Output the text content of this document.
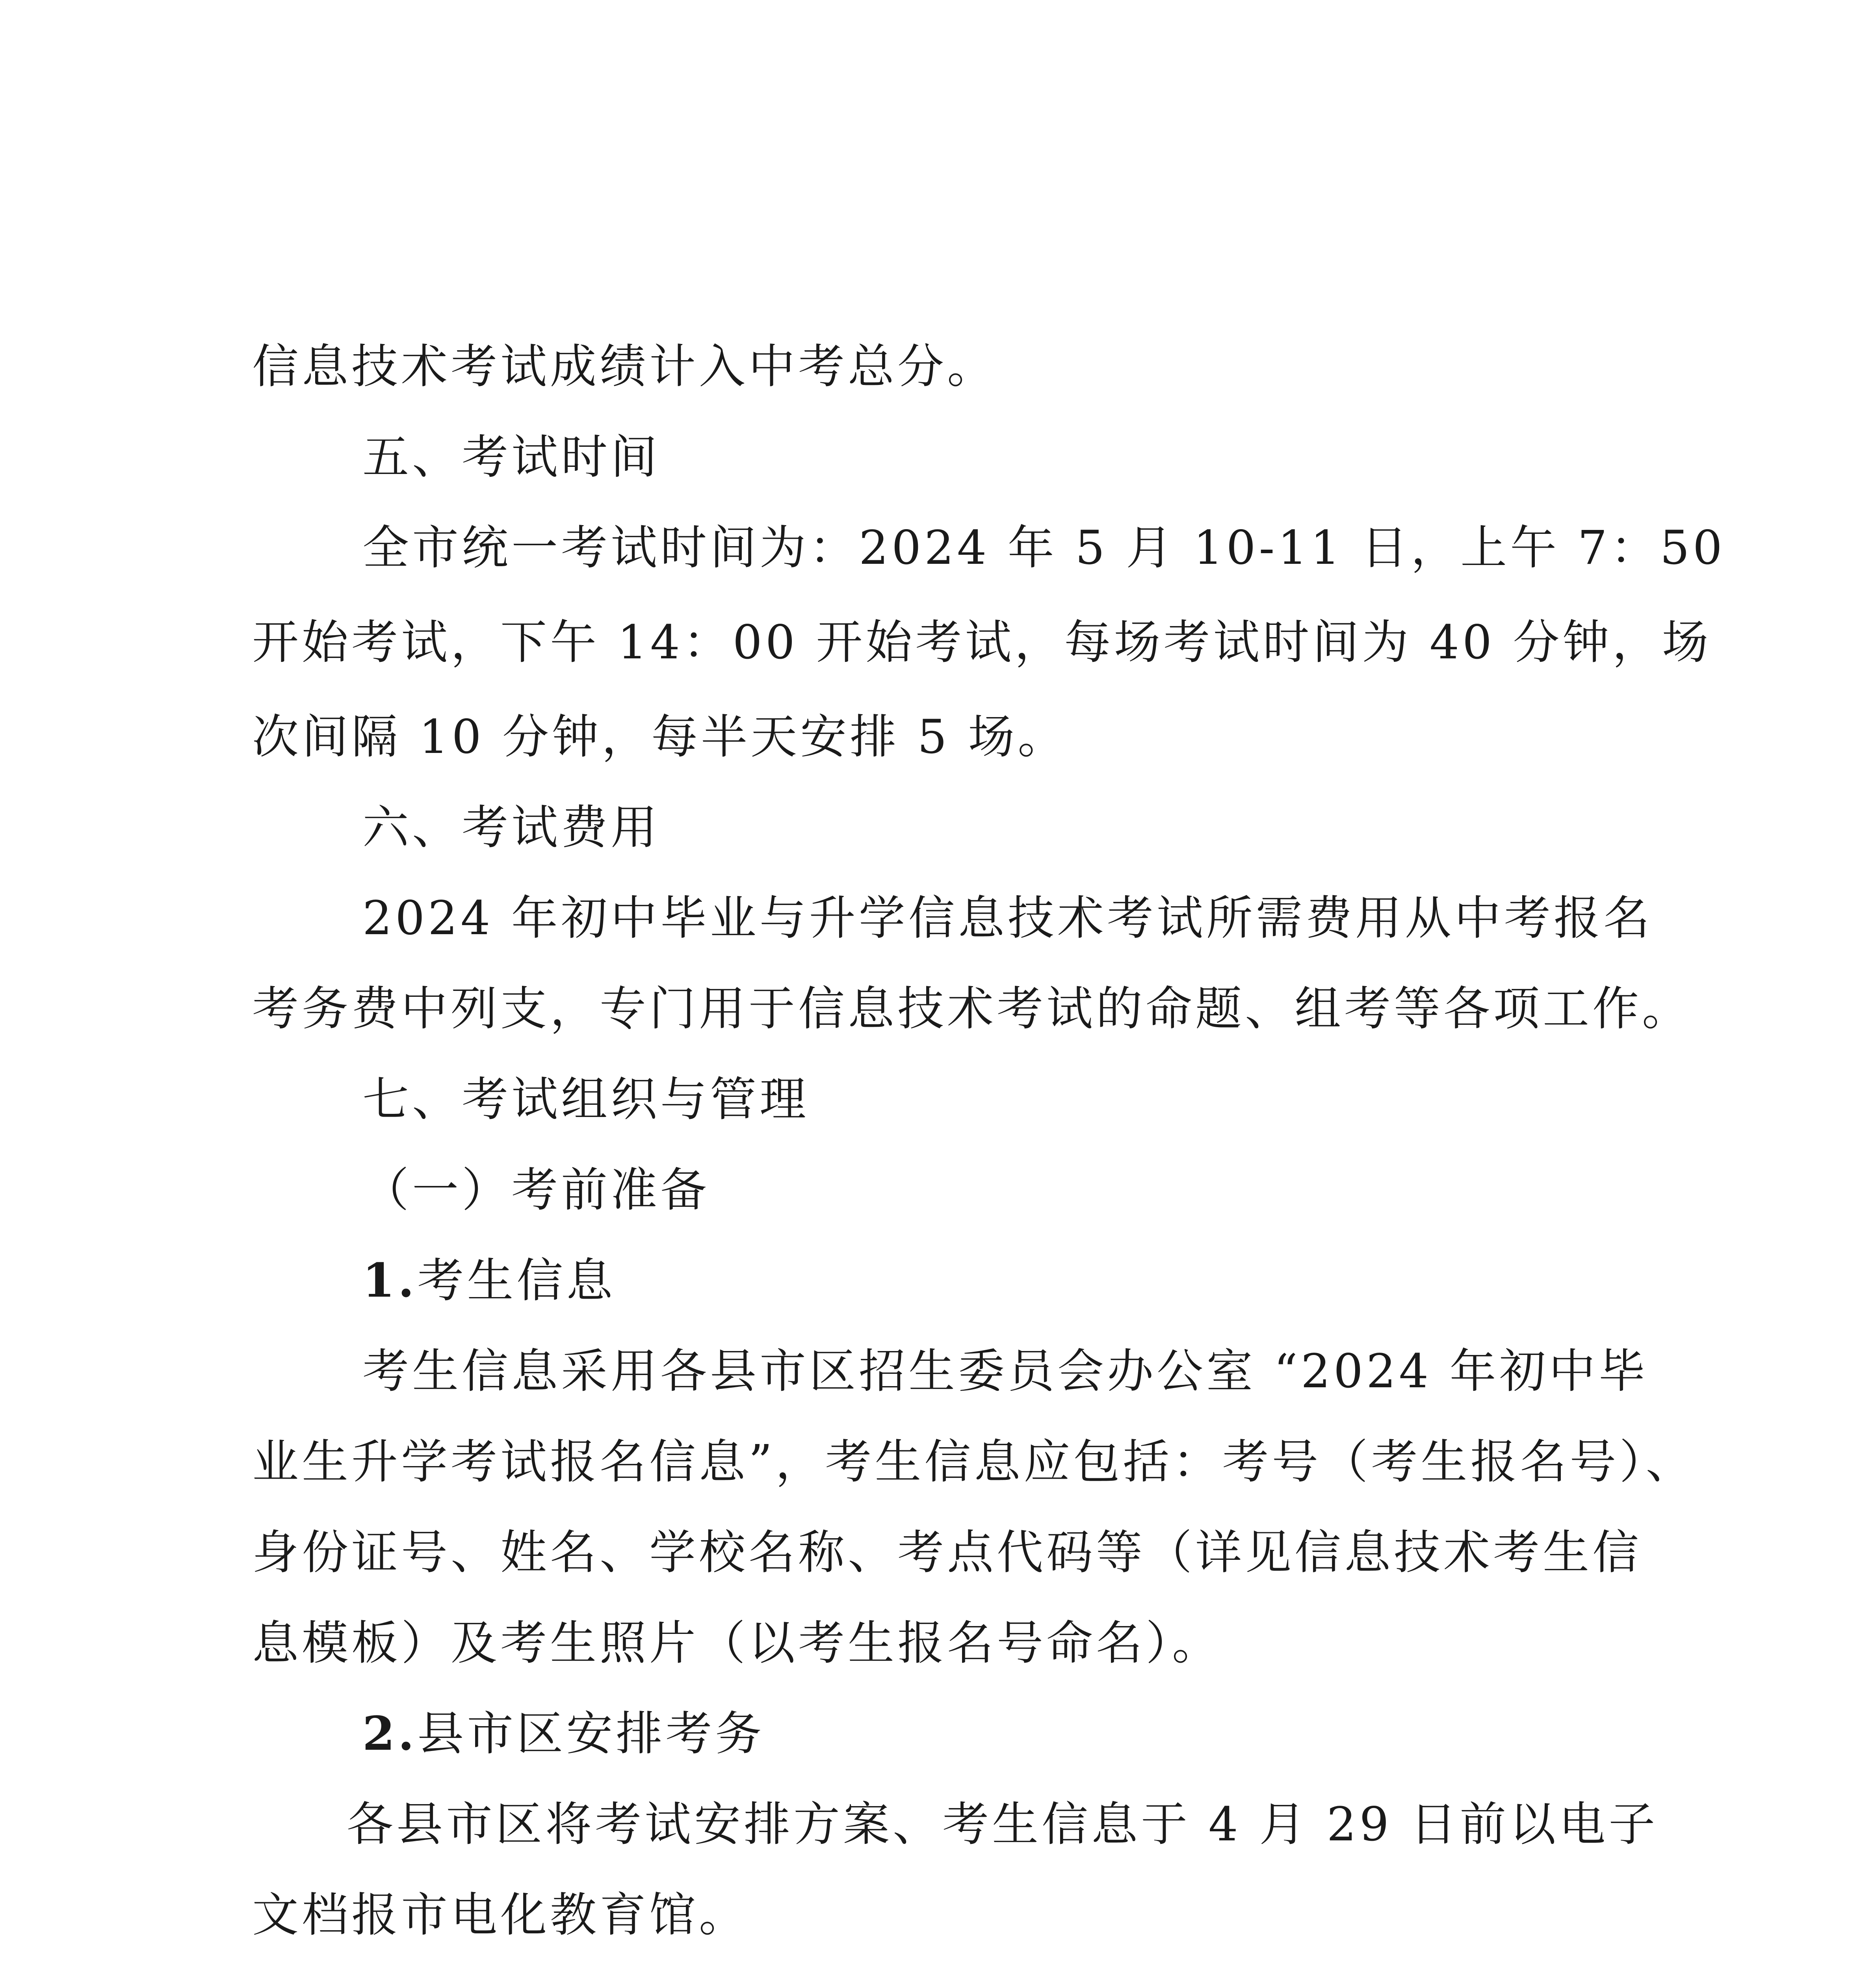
信息技术考试成绩计入中考总分。
五、考试时间
全市统一考试时间为：2024 年 5 月 10-11 日，上午 7：50
开始考试，下午 14：00 开始考试，每场考试时间为 40 分钟，场
次间隔 10 分钟，每半天安排 5 场。
六、考试费用
2024 年初中毕业与升学信息技术考试所需费用从中考报名
考务费中列支，专门用于信息技术考试的命题、组考等各项工作。
七、考试组织与管理
（一）考前准备
1.考生信息
考生信息采用各县市区招生委员会办公室 “2024 年初中毕
业生升学考试报名信息”，考生信息应包括：考号（考生报名号）、
身份证号、姓名、学校名称、考点代码等（详见信息技术考生信
息模板）及考生照片（以考生报名号命名）。
2.县市区安排考务
各县市区将考试安排方案、考生信息于 4 月 29 日前以电子
文档报市电化教育馆。
